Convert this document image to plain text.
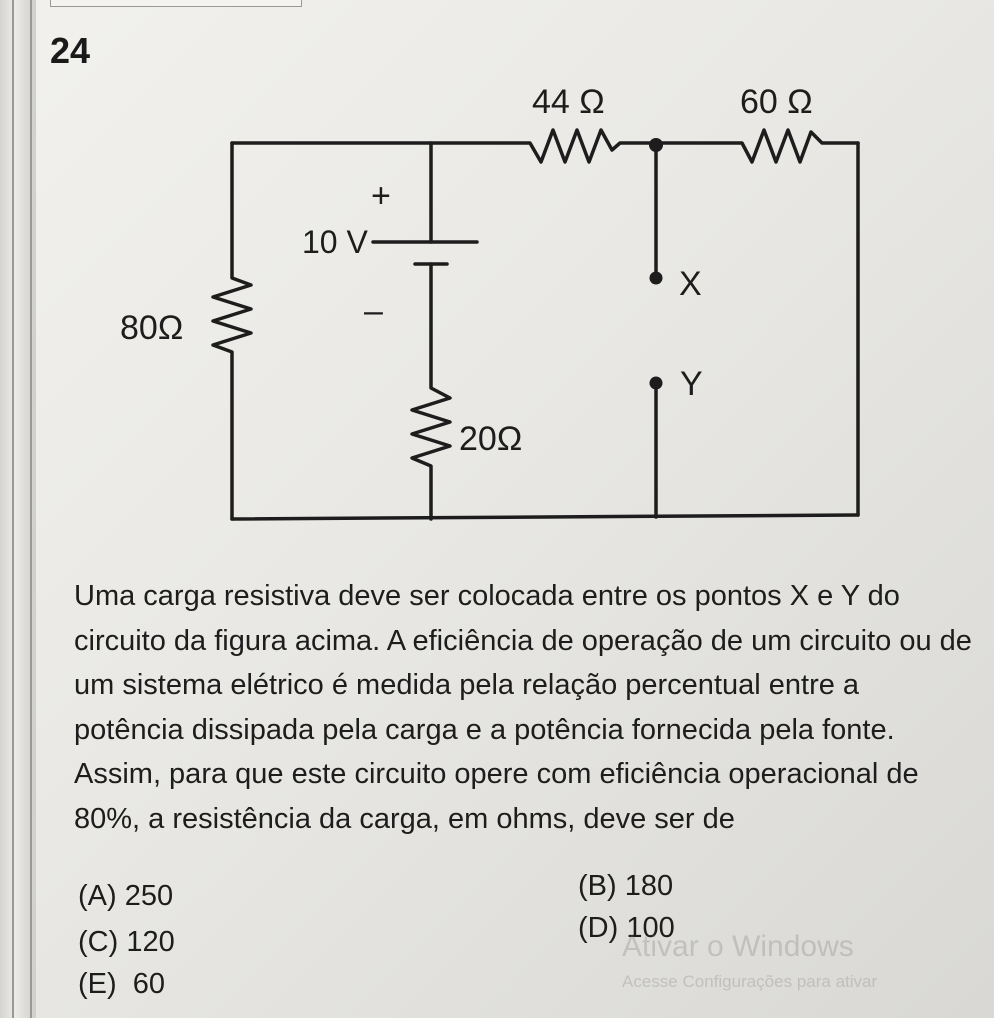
24
44 Ω	60 Ω
80Ω
20Ω
10 V
+
–
X
Y
Uma carga resistiva deve ser colocada entre os pontos X e Y do circuito da figura acima. A eficiência de operação de um circuito ou de um sistema elétrico é medida pela relação percentual entre a potência dissipada pela carga e a potência fornecida pela fonte. Assim, para que este circuito opere com eficiência operacional de 80%, a resistência da carga, em ohms, deve ser de
(A) 250	(B) 180
(C) 120	(D) 100
(E)  60
Ativar o Windows
Acesse Configurações para ativar
